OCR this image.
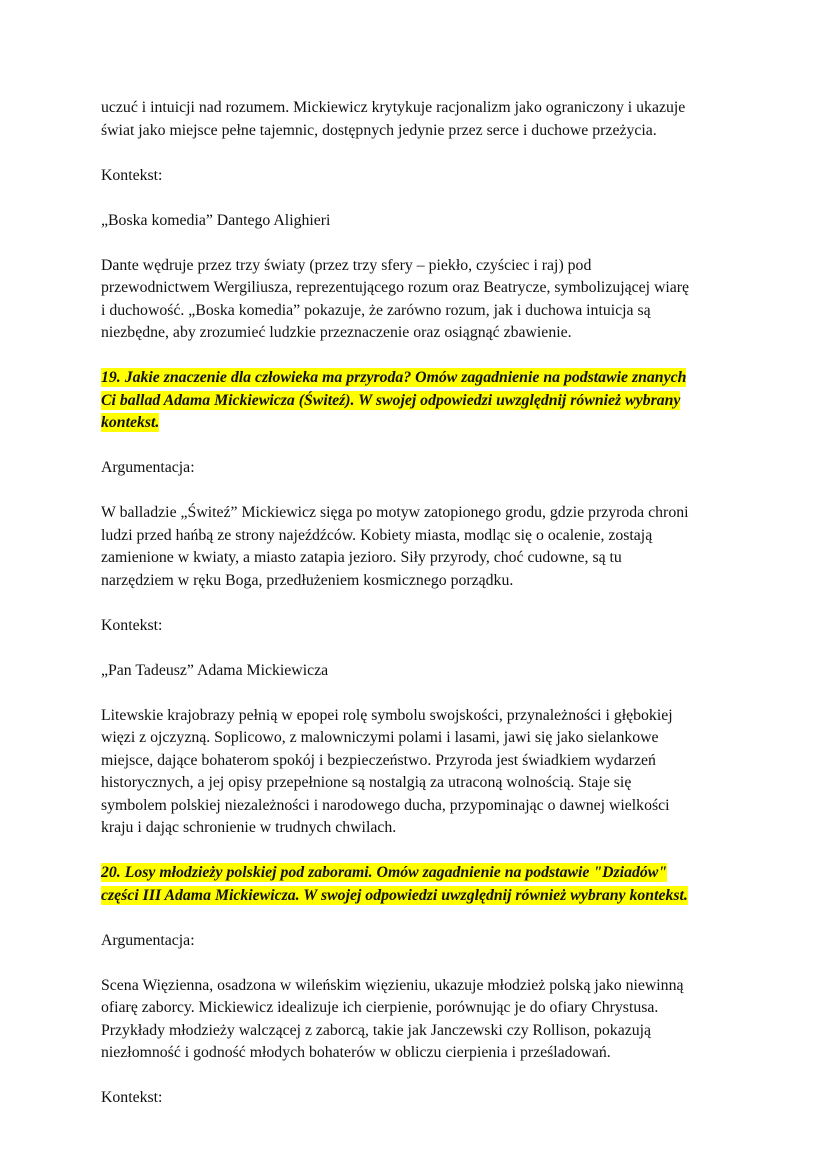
uczuć i intuicji nad rozumem. Mickiewicz krytykuje racjonalizm jako ograniczony i ukazuje

świat jako miejsce pełne tajemnic, dostępnych jedynie przez serce i duchowe przeżycia.

Kontekst:

„Boska komedia” Dantego Alighieri

Dante wędruje przez trzy światy (przez trzy sfery – piekło, czyściec i raj) pod
przewodnictwem Wergiliusza, reprezentującego rozum oraz Beatrycze, symbolizującej wiarę
i duchowość. „Boska komedia” pokazuje, że zarówno rozum, jak i duchowa intuicja są
niezbędne, aby zrozumieć ludzkie przeznaczenie oraz osiągnąć zbawienie.

19. Jakie znaczenie dla człowieka ma przyroda? Omów zagadnienie na podstawie znanych
Ci ballad Adama Mickiewicza (Świteź). W swojej odpowiedzi uwzględnij również wybrany
kontekst.

Argumentacja:

W balladzie „Świteź” Mickiewicz sięga po motyw zatopionego grodu, gdzie przyroda chroni
ludzi przed hańbą ze strony najeźdźców. Kobiety miasta, modląc się o ocalenie, zostają
zamienione w kwiaty, a miasto zatapia jezioro. Siły przyrody, choć cudowne, są tu
narzędziem w ręku Boga, przedłużeniem kosmicznego porządku.

Kontekst:

„Pan Tadeusz” Adama Mickiewicza

Litewskie krajobrazy pełnią w epopei rolę symbolu swojskości, przynależności i głębokiej
więzi z ojczyzną. Soplicowo, z malowniczymi polami i lasami, jawi się jako sielankowe
miejsce, dające bohaterom spokój i bezpieczeństwo. Przyroda jest świadkiem wydarzeń
historycznych, a jej opisy przepełnione są nostalgią za utraconą wolnością. Staje się
symbolem polskiej niezależności i narodowego ducha, przypominając o dawnej wielkości
kraju i dając schronienie w trudnych chwilach.

20. Losy młodzieży polskiej pod zaborami. Omów zagadnienie na podstawie "Dziadów"
części III Adama Mickiewicza. W swojej odpowiedzi uwzględnij również wybrany kontekst.

Argumentacja:

Scena Więzienna, osadzona w wileńskim więzieniu, ukazuje młodzież polską jako niewinną
ofiarę zaborcy. Mickiewicz idealizuje ich cierpienie, porównując je do ofiary Chrystusa.
Przykłady młodzieży walczącej z zaborcą, takie jak Janczewski czy Rollison, pokazują
niezłomność i godność młodych bohaterów w obliczu cierpienia i prześladowań.

Kontekst:
